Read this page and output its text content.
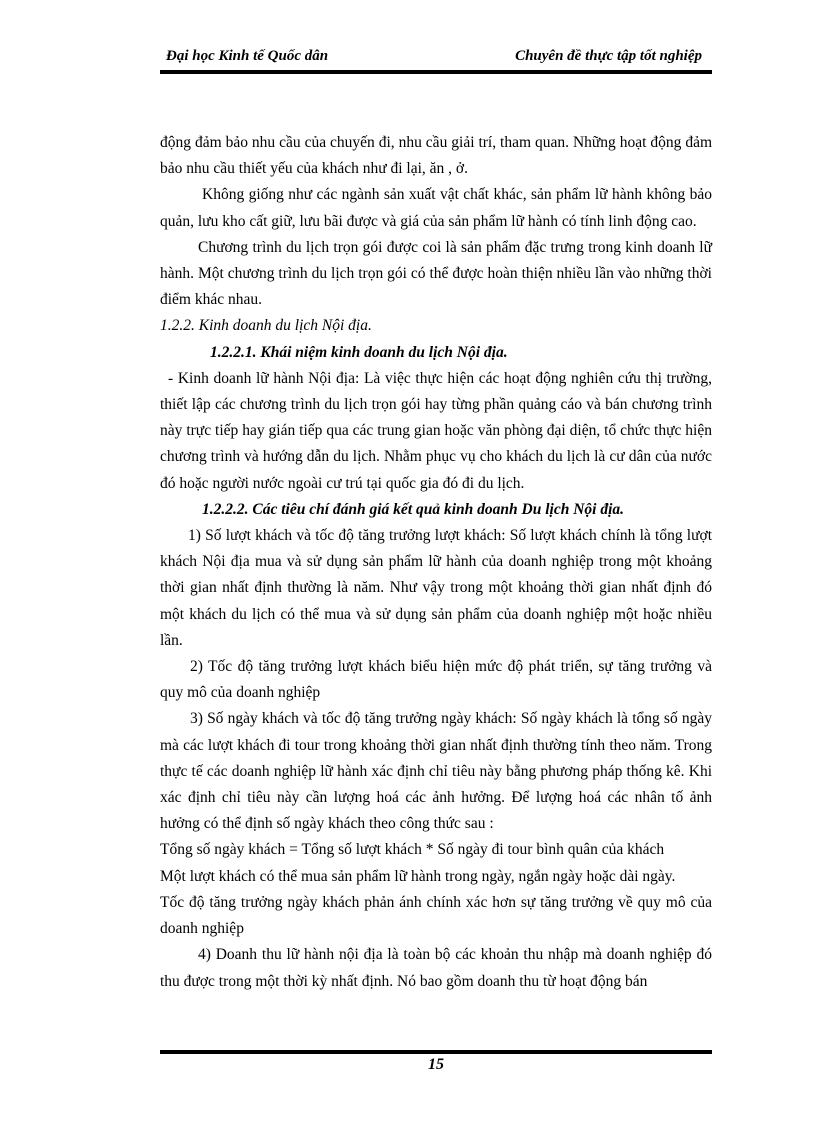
Đại học Kinh tế Quốc dân	Chuyên đề thực tập tốt nghiệp

động đảm bảo nhu cầu của chuyến đi, nhu cầu giải trí, tham quan. Những hoạt động đảm bảo nhu cầu thiết yếu của khách như đi lại, ăn , ở.

Không giống như các ngành sản xuất vật chất khác, sản phẩm lữ hành không bảo quản, lưu kho cất giữ, lưu bãi được và giá của sản phẩm lữ hành có tính linh động cao.

Chương trình du lịch trọn gói được coi là sản phẩm đặc trưng trong kinh doanh lữ hành. Một chương trình du lịch trọn gói có thể được hoàn thiện nhiều lần vào những thời điểm khác nhau.

1.2.2. Kinh doanh du lịch Nội địa.

1.2.2.1. Khái niệm kinh doanh du lịch Nội địa.

- Kinh doanh lữ hành Nội địa: Là việc thực hiện các hoạt động nghiên cứu thị trường, thiết lập các chương trình du lịch trọn gói hay từng phần quảng cáo và bán chương trình này trực tiếp hay gián tiếp qua các trung gian hoặc văn phòng đại diện, tổ chức thực hiện chương trình và hướng dẫn du lịch. Nhằm phục vụ cho khách du lịch là cư dân của nước đó hoặc người nước ngoài cư trú tại quốc gia đó đi du lịch.

1.2.2.2. Các tiêu chí đánh giá kết quả kinh doanh Du lịch Nội địa.

1) Số lượt khách và tốc độ tăng trưởng lượt khách: Số lượt khách chính là tổng lượt khách Nội địa mua và sử dụng sản phẩm lữ hành của doanh nghiệp trong một khoảng thời gian nhất định thường là năm. Như vậy trong một khoảng thời gian nhất định đó một khách du lịch có thể mua và sử dụng sản phẩm của doanh nghiệp một hoặc nhiều lần.

2) Tốc độ tăng trưởng lượt khách biểu hiện mức độ phát triển, sự tăng trưởng và quy mô của doanh nghiệp

3) Số ngày khách và tốc độ tăng trưởng ngày khách: Số ngày khách là tổng số ngày mà các lượt khách đi tour trong khoảng thời gian nhất định thường tính theo năm. Trong thực tế các doanh nghiệp lữ hành xác định chỉ tiêu này bằng phương pháp thống kê. Khi xác định chỉ tiêu này cần lượng hoá các ảnh hưởng. Để lượng hoá các nhân tố ảnh hưởng có thể định số ngày khách theo công thức sau :

Tổng số ngày khách = Tổng số lượt khách * Số ngày đi tour bình quân của khách

Một lượt khách có thể mua sản phẩm lữ hành trong ngày, ngắn ngày hoặc dài ngày.

Tốc độ tăng trưởng ngày khách phản ánh chính xác hơn sự tăng trưởng về quy mô của doanh nghiệp

4) Doanh thu lữ hành nội địa là toàn bộ các khoản thu nhập mà doanh nghiệp đó thu được trong một thời kỳ nhất định. Nó bao gồm doanh thu từ hoạt động bán

15
